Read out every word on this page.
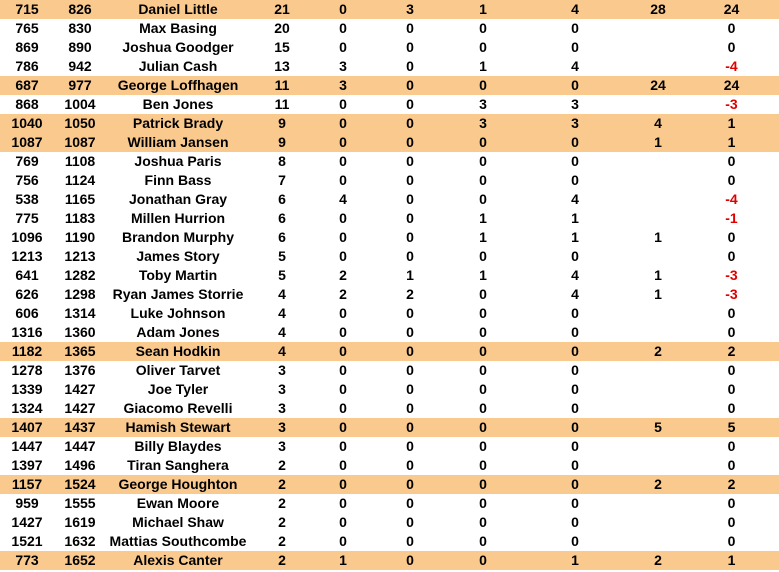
715	826	Daniel Little	21	0	3	1	4	28	24
765	830	Max Basing	20	0	0	0	0		0
869	890	Joshua Goodger	15	0	0	0	0		0
786	942	Julian Cash	13	3	0	1	4		-4
687	977	George Loffhagen	11	3	0	0	0	24	24
868	1004	Ben Jones	11	0	0	3	3		-3
1040	1050	Patrick Brady	9	0	0	3	3	4	1
1087	1087	William Jansen	9	0	0	0	0	1	1
769	1108	Joshua Paris	8	0	0	0	0		0
756	1124	Finn Bass	7	0	0	0	0		0
538	1165	Jonathan Gray	6	4	0	0	4		-4
775	1183	Millen Hurrion	6	0	0	1	1		-1
1096	1190	Brandon Murphy	6	0	0	1	1	1	0
1213	1213	James Story	5	0	0	0	0		0
641	1282	Toby Martin	5	2	1	1	4	1	-3
626	1298	Ryan James Storrie	4	2	2	0	4	1	-3
606	1314	Luke Johnson	4	0	0	0	0		0
1316	1360	Adam Jones	4	0	0	0	0		0
1182	1365	Sean Hodkin	4	0	0	0	0	2	2
1278	1376	Oliver Tarvet	3	0	0	0	0		0
1339	1427	Joe Tyler	3	0	0	0	0		0
1324	1427	Giacomo Revelli	3	0	0	0	0		0
1407	1437	Hamish Stewart	3	0	0	0	0	5	5
1447	1447	Billy Blaydes	3	0	0	0	0		0
1397	1496	Tiran Sanghera	2	0	0	0	0		0
1157	1524	George Houghton	2	0	0	0	0	2	2
959	1555	Ewan Moore	2	0	0	0	0		0
1427	1619	Michael Shaw	2	0	0	0	0		0
1521	1632	Mattias Southcombe	2	0	0	0	0		0
773	1652	Alexis Canter	2	1	0	0	1	2	1
